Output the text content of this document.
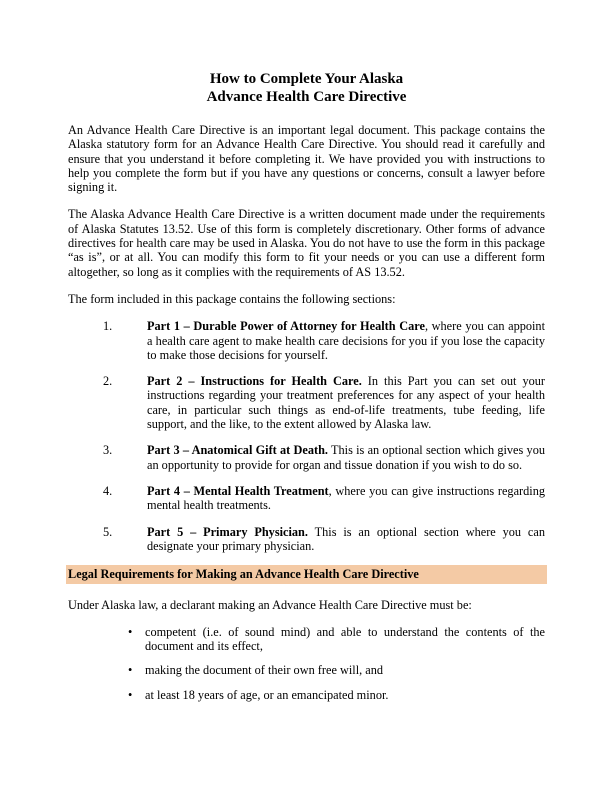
How to Complete Your Alaska
Advance Health Care Directive

An Advance Health Care Directive is an important legal document. This package contains the Alaska statutory form for an Advance Health Care Directive. You should read it carefully and ensure that you understand it before completing it. We have provided you with instructions to help you complete the form but if you have any questions or concerns, consult a lawyer before signing it.

The Alaska Advance Health Care Directive is a written document made under the requirements of Alaska Statutes 13.52. Use of this form is completely discretionary. Other forms of advance directives for health care may be used in Alaska. You do not have to use the form in this package “as is”, or at all. You can modify this form to fit your needs or you can use a different form altogether, so long as it complies with the requirements of AS 13.52.

The form included in this package contains the following sections:

1.	Part 1 – Durable Power of Attorney for Health Care, where you can appoint a health care agent to make health care decisions for you if you lose the capacity to make those decisions for yourself.
2.	Part 2 – Instructions for Health Care. In this Part you can set out your instructions regarding your treatment preferences for any aspect of your health care, in particular such things as end-of-life treatments, tube feeding, life support, and the like, to the extent allowed by Alaska law.
3.	Part 3 – Anatomical Gift at Death. This is an optional section which gives you an opportunity to provide for organ and tissue donation if you wish to do so.
4.	Part 4 – Mental Health Treatment, where you can give instructions regarding mental health treatments.
5.	Part 5 – Primary Physician. This is an optional section where you can designate your primary physician.
Legal Requirements for Making an Advance Health Care Directive

Under Alaska law, a declarant making an Advance Health Care Directive must be:

•	competent (i.e. of sound mind) and able to understand the contents of the document and its effect,
•	making the document of their own free will, and
•	at least 18 years of age, or an emancipated minor.
